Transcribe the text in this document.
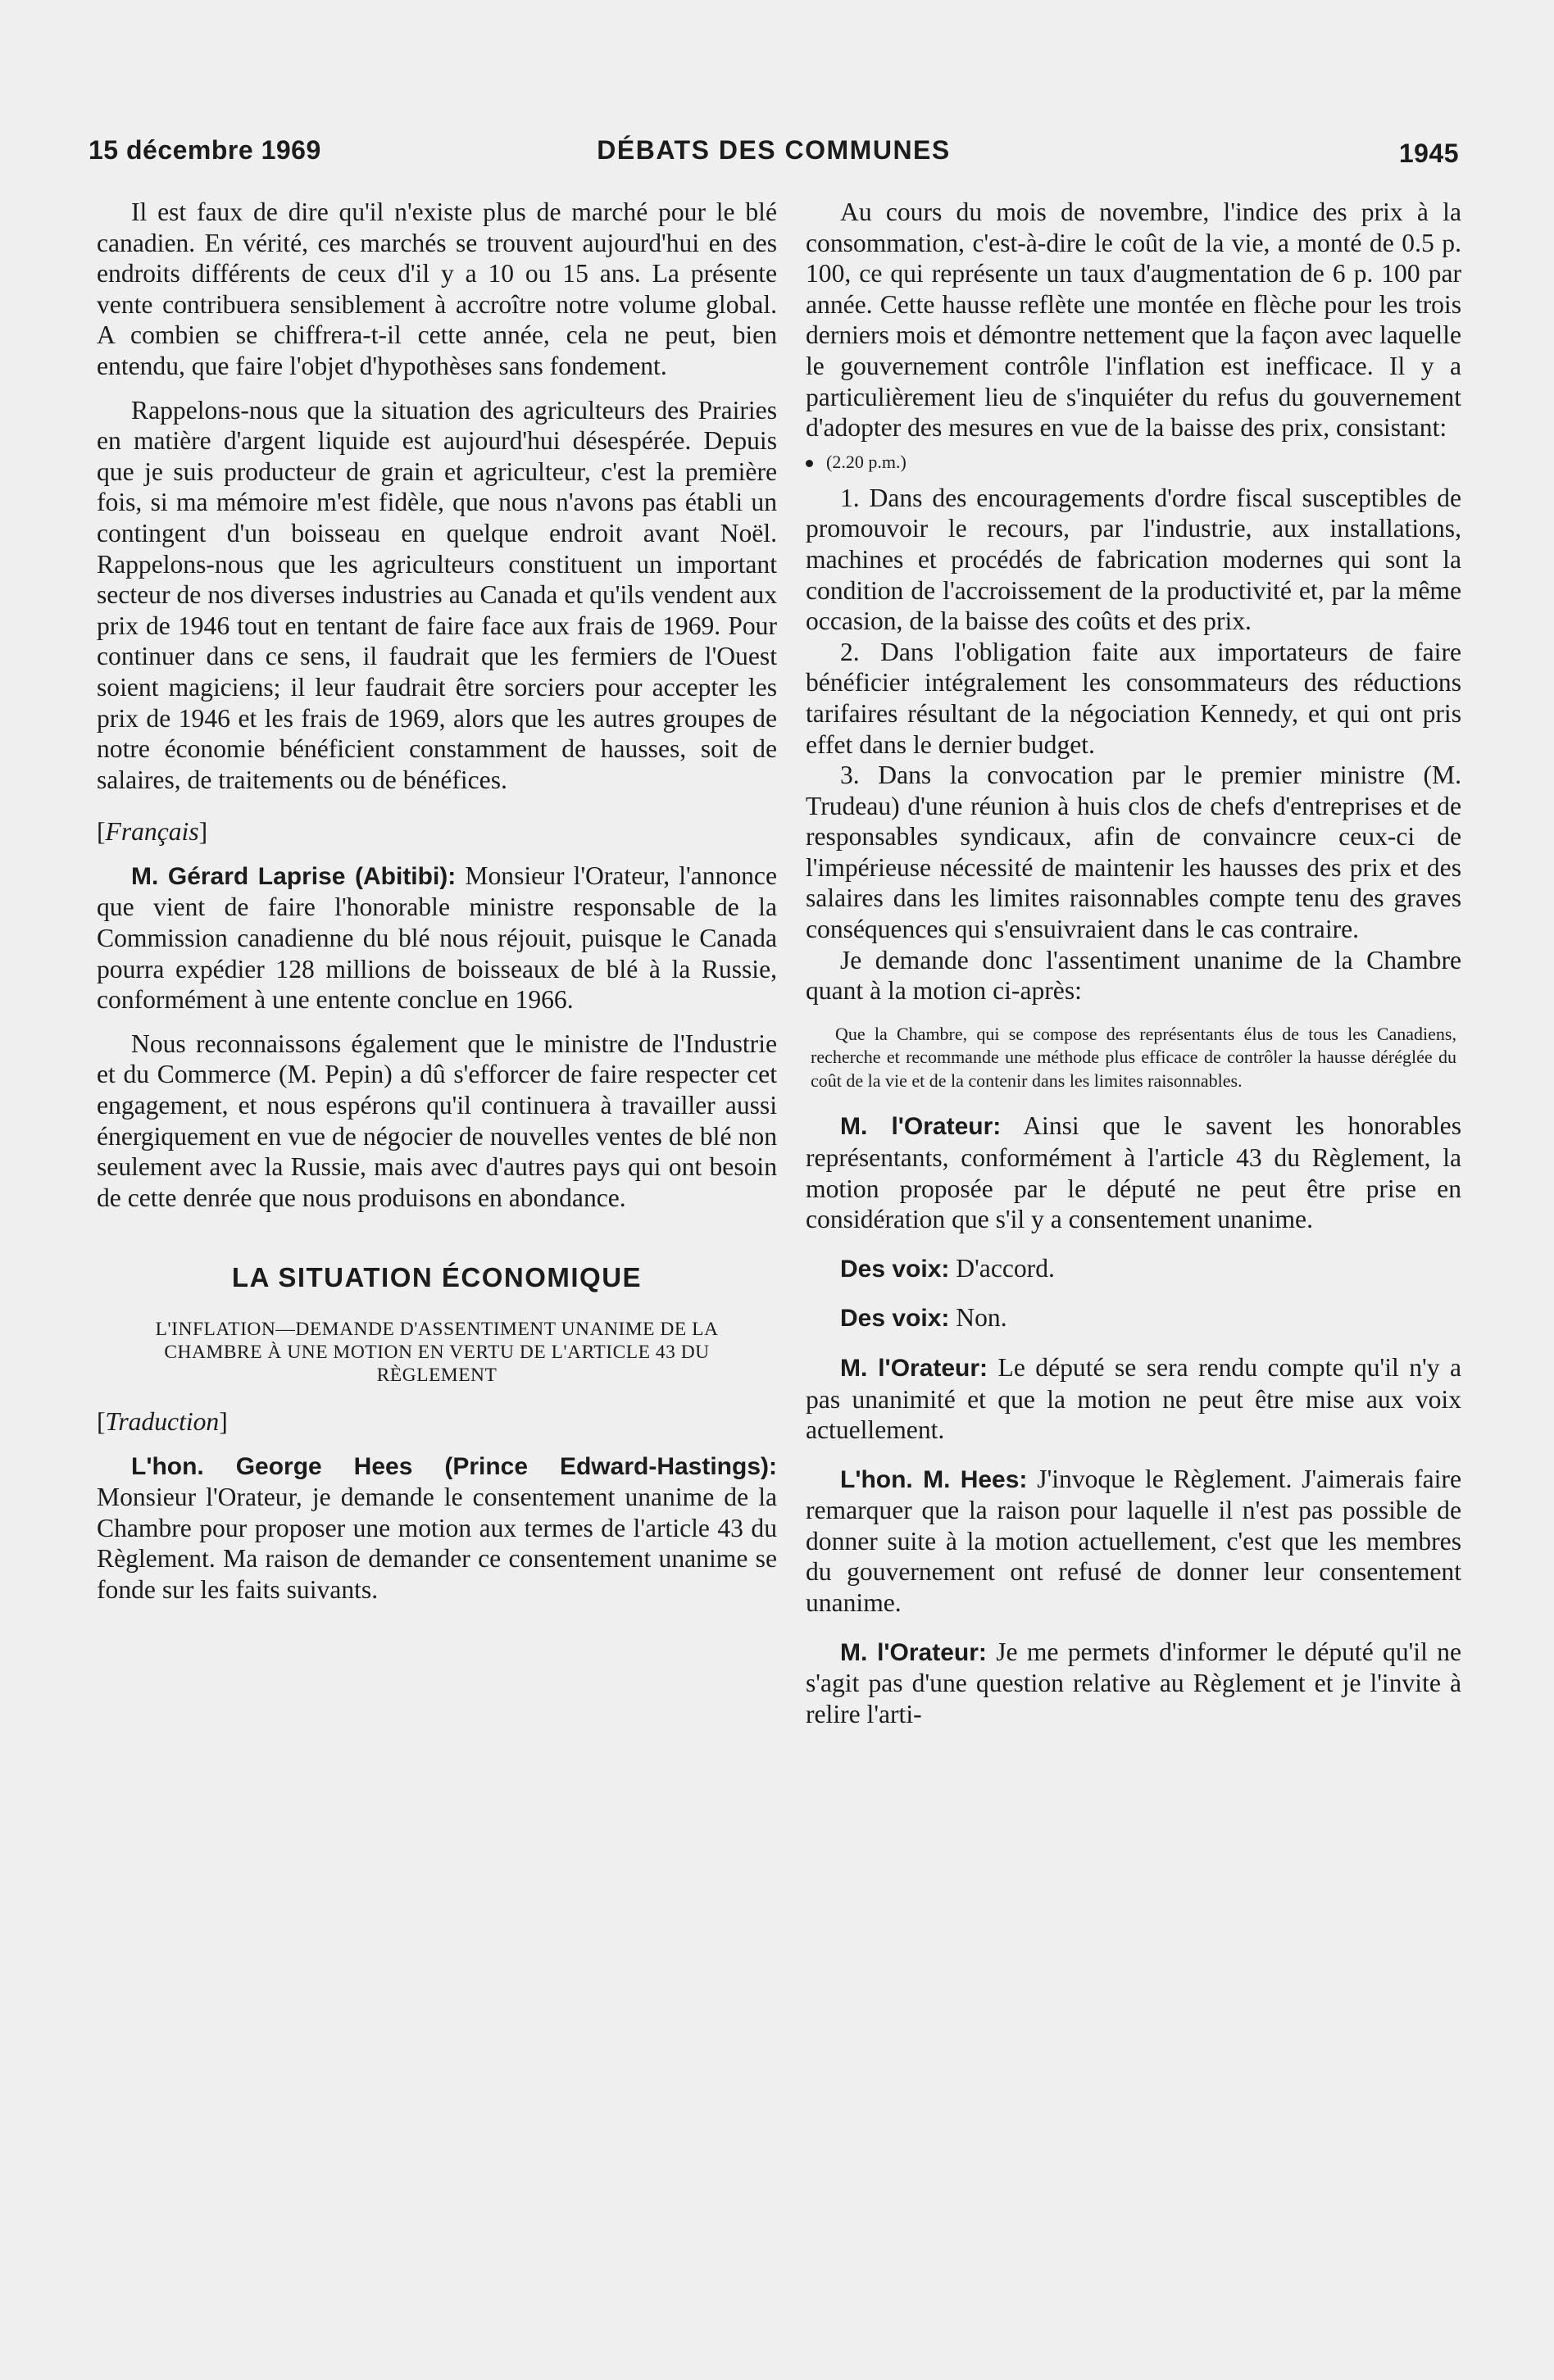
15 décembre 1969	DÉBATS DES COMMUNES	1945

Il est faux de dire qu'il n'existe plus de marché pour le blé canadien. En vérité, ces marchés se trouvent aujourd'hui en des endroits différents de ceux d'il y a 10 ou 15 ans. La présente vente contribuera sensiblement à accroître notre volume global. A combien se chiffrera-t-il cette année, cela ne peut, bien entendu, que faire l'objet d'hypothèses sans fondement.

Rappelons-nous que la situation des agriculteurs des Prairies en matière d'argent liquide est aujourd'hui désespérée. Depuis que je suis producteur de grain et agriculteur, c'est la première fois, si ma mémoire m'est fidèle, que nous n'avons pas établi un contingent d'un boisseau en quelque endroit avant Noël. Rappelons-nous que les agriculteurs constituent un important secteur de nos diverses industries au Canada et qu'ils vendent aux prix de 1946 tout en tentant de faire face aux frais de 1969. Pour continuer dans ce sens, il faudrait que les fermiers de l'Ouest soient magiciens; il leur faudrait être sorciers pour accepter les prix de 1946 et les frais de 1969, alors que les autres groupes de notre économie bénéficient constamment de hausses, soit de salaires, de traitements ou de bénéfices.

[Français]

M. Gérard Laprise (Abitibi): Monsieur l'Orateur, l'annonce que vient de faire l'honorable ministre responsable de la Commission canadienne du blé nous réjouit, puisque le Canada pourra expédier 128 millions de boisseaux de blé à la Russie, conformément à une entente conclue en 1966.

Nous reconnaissons également que le ministre de l'Industrie et du Commerce (M. Pepin) a dû s'efforcer de faire respecter cet engagement, et nous espérons qu'il continuera à travailler aussi énergiquement en vue de négocier de nouvelles ventes de blé non seulement avec la Russie, mais avec d'autres pays qui ont besoin de cette denrée que nous produisons en abondance.

LA SITUATION ÉCONOMIQUE
L'INFLATION—DEMANDE D'ASSENTIMENT UNANIME DE LA CHAMBRE À UNE MOTION EN VERTU DE L'ARTICLE 43 DU RÈGLEMENT

[Traduction]

L'hon. George Hees (Prince Edward-Hastings): Monsieur l'Orateur, je demande le consentement unanime de la Chambre pour proposer une motion aux termes de l'article 43 du Règlement. Ma raison de demander ce consentement unanime se fonde sur les faits suivants.

Au cours du mois de novembre, l'indice des prix à la consommation, c'est-à-dire le coût de la vie, a monté de 0.5 p. 100, ce qui représente un taux d'augmentation de 6 p. 100 par année. Cette hausse reflète une montée en flèche pour les trois derniers mois et démontre nettement que la façon avec laquelle le gouvernement contrôle l'inflation est inefficace. Il y a particulièrement lieu de s'inquiéter du refus du gouvernement d'adopter des mesures en vue de la baisse des prix, consistant:

(2.20 p.m.)

1. Dans des encouragements d'ordre fiscal susceptibles de promouvoir le recours, par l'industrie, aux installations, machines et procédés de fabrication modernes qui sont la condition de l'accroissement de la productivité et, par la même occasion, de la baisse des coûts et des prix.

2. Dans l'obligation faite aux importateurs de faire bénéficier intégralement les consommateurs des réductions tarifaires résultant de la négociation Kennedy, et qui ont pris effet dans le dernier budget.

3. Dans la convocation par le premier ministre (M. Trudeau) d'une réunion à huis clos de chefs d'entreprises et de responsables syndicaux, afin de convaincre ceux-ci de l'impérieuse nécessité de maintenir les hausses des prix et des salaires dans les limites raisonnables compte tenu des graves conséquences qui s'ensuivraient dans le cas contraire.

Je demande donc l'assentiment unanime de la Chambre quant à la motion ci-après:

Que la Chambre, qui se compose des représentants élus de tous les Canadiens, recherche et recommande une méthode plus efficace de contrôler la hausse déréglée du coût de la vie et de la contenir dans les limites raisonnables.

M. l'Orateur: Ainsi que le savent les honorables représentants, conformément à l'article 43 du Règlement, la motion proposée par le député ne peut être prise en considération que s'il y a consentement unanime.

Des voix: D'accord.

Des voix: Non.

M. l'Orateur: Le député se sera rendu compte qu'il n'y a pas unanimité et que la motion ne peut être mise aux voix actuellement.

L'hon. M. Hees: J'invoque le Règlement. J'aimerais faire remarquer que la raison pour laquelle il n'est pas possible de donner suite à la motion actuellement, c'est que les membres du gouvernement ont refusé de donner leur consentement unanime.

M. l'Orateur: Je me permets d'informer le député qu'il ne s'agit pas d'une question relative au Règlement et je l'invite à relire l'arti-
